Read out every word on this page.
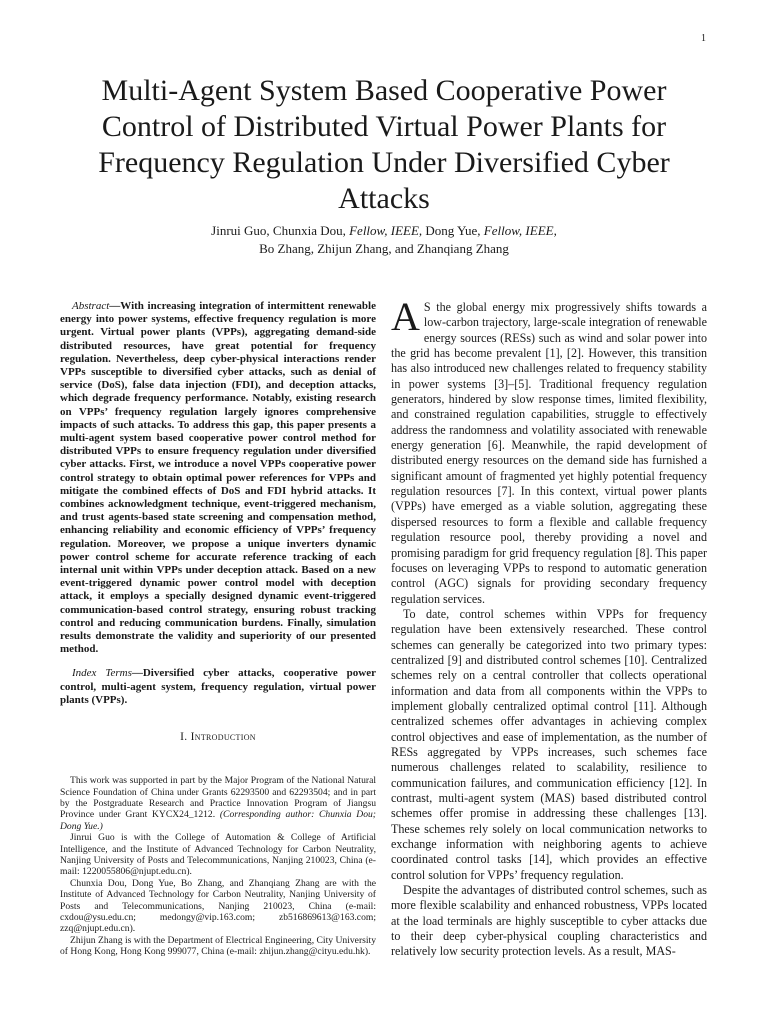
1
Multi-Agent System Based Cooperative Power Control of Distributed Virtual Power Plants for Frequency Regulation Under Diversified Cyber Attacks
Jinrui Guo, Chunxia Dou, Fellow, IEEE, Dong Yue, Fellow, IEEE,
Bo Zhang, Zhijun Zhang, and Zhanqiang Zhang

Abstract—With increasing integration of intermittent renewable energy into power systems, effective frequency regulation is more urgent. Virtual power plants (VPPs), aggregating demand-side distributed resources, have great potential for frequency regulation. Nevertheless, deep cyber-physical interactions render VPPs susceptible to diversified cyber attacks, such as denial of service (DoS), false data injection (FDI), and deception attacks, which degrade frequency performance. Notably, existing research on VPPs’ frequency regulation largely ignores comprehensive impacts of such attacks. To address this gap, this paper presents a multi-agent system based cooperative power control method for distributed VPPs to ensure frequency regulation under diversified cyber attacks. First, we introduce a novel VPPs cooperative power control strategy to obtain optimal power references for VPPs and mitigate the combined effects of DoS and FDI hybrid attacks. It combines acknowledgment technique, event-triggered mechanism, and trust agents-based state screening and compensation method, enhancing reliability and economic efficiency of VPPs’ frequency regulation. Moreover, we propose a unique inverters dynamic power control scheme for accurate reference tracking of each internal unit within VPPs under deception attack. Based on a new event-triggered dynamic power control model with deception attack, it employs a specially designed dynamic event-triggered communication-based control strategy, ensuring robust tracking control and reducing communication burdens. Finally, simulation results demonstrate the validity and superiority of our presented method.

Index Terms—Diversified cyber attacks, cooperative power control, multi-agent system, frequency regulation, virtual power plants (VPPs).

I. Introduction

This work was supported in part by the Major Program of the National Natural Science Foundation of China under Grants 62293500 and 62293504; and in part by the Postgraduate Research and Practice Innovation Program of Jiangsu Province under Grant KYCX24_1212. (Corresponding author: Chunxia Dou; Dong Yue.)

Jinrui Guo is with the College of Automation & College of Artificial Intelligence, and the Institute of Advanced Technology for Carbon Neutrality, Nanjing University of Posts and Telecommunications, Nanjing 210023, China (e-mail: 1220055806@njupt.edu.cn).

Chunxia Dou, Dong Yue, Bo Zhang, and Zhanqiang Zhang are with the Institute of Advanced Technology for Carbon Neutrality, Nanjing University of Posts and Telecommunications, Nanjing 210023, China (e-mail: cxdou@ysu.edu.cn; medongy@vip.163.com; zb516869613@163.com; zzq@njupt.edu.cn).

Zhijun Zhang is with the Department of Electrical Engineering, City University of Hong Kong, Hong Kong 999077, China (e-mail: zhijun.zhang@cityu.edu.hk).

A S the global energy mix progressively shifts towards a low-carbon trajectory, large-scale integration of renewable energy sources (RESs) such as wind and solar power into the grid has become prevalent [1], [2]. However, this transition has also introduced new challenges related to frequency stability in power systems [3]–[5]. Traditional frequency regulation generators, hindered by slow response times, limited flexibility, and constrained regulation capabilities, struggle to effectively address the randomness and volatility associated with renewable energy generation [6]. Meanwhile, the rapid development of distributed energy resources on the demand side has furnished a significant amount of fragmented yet highly potential frequency regulation resources [7]. In this context, virtual power plants (VPPs) have emerged as a viable solution, aggregating these dispersed resources to form a flexible and callable frequency regulation resource pool, thereby providing a novel and promising paradigm for grid frequency regulation [8]. This paper focuses on leveraging VPPs to respond to automatic generation control (AGC) signals for providing secondary frequency regulation services.

To date, control schemes within VPPs for frequency regulation have been extensively researched. These control schemes can generally be categorized into two primary types: centralized [9] and distributed control schemes [10]. Centralized schemes rely on a central controller that collects operational information and data from all components within the VPPs to implement globally centralized optimal control [11]. Although centralized schemes offer advantages in achieving complex control objectives and ease of implementation, as the number of RESs aggregated by VPPs increases, such schemes face numerous challenges related to scalability, resilience to communication failures, and communication efficiency [12]. In contrast, multi-agent system (MAS) based distributed control schemes offer promise in addressing these challenges [13]. These schemes rely solely on local communication networks to exchange information with neighboring agents to achieve coordinated control tasks [14], which provides an effective control solution for VPPs’ frequency regulation.

Despite the advantages of distributed control schemes, such as more flexible scalability and enhanced robustness, VPPs located at the load terminals are highly susceptible to cyber attacks due to their deep cyber-physical coupling characteristics and relatively low security protection levels. As a result, MAS-
